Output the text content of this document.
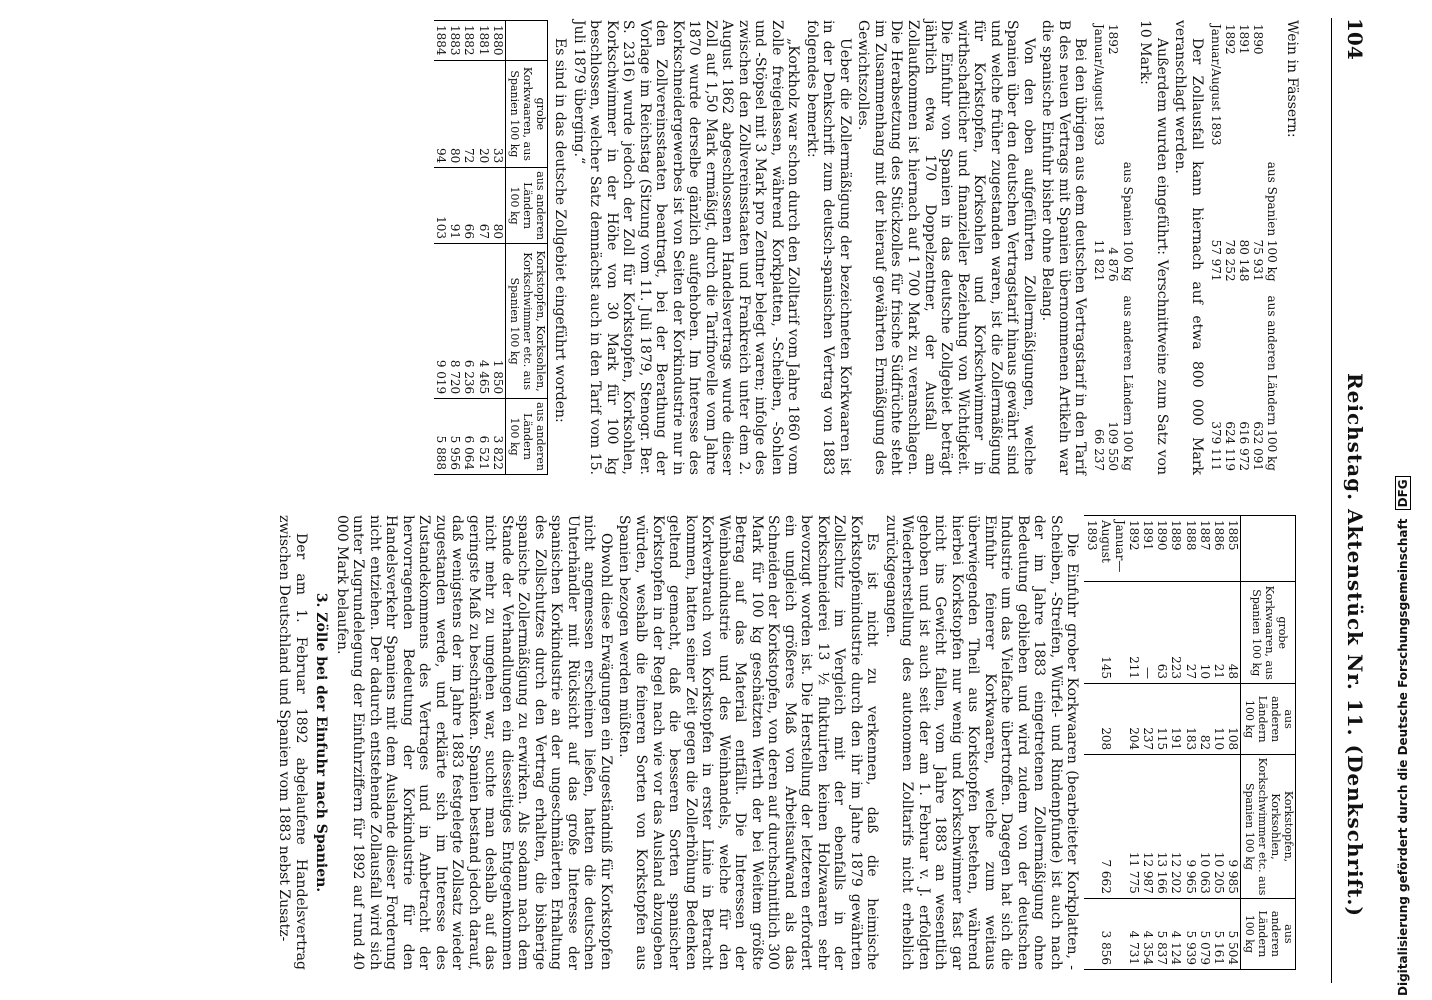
104
Reichstag. Aktenstück Nr. 11. (Denkschrift.)
Wein in Fässern:
	aus Spanien 100 kg	aus anderen Ländern 100 kg
1890	75 931	632 091
1891	80 148	616 972
1892	78 252	624 119
Januar/August 1893	57 971	379 111

Der Zollausfall kann hiernach auf etwa 800 000 Mark veranschlagt werden.

Außerdem wurden eingeführt: Verschnittweine zum Satz von 10 Mark:

	aus Spanien 100 kg	aus anderen Ländern 100 kg
1892	4 876	109 550
Januar/August 1893	11 821	66 237

Bei den übrigen aus dem deutschen Vertragstarif in den Tarif B des neuen Vertrags mit Spanien übernommenen Artikeln war die spanische Einfuhr bisher ohne Belang.

Von den oben aufgeführten Zollermäßigungen, welche Spanien über den deutschen Vertragstarif hinaus gewährt sind und welche früher zugestanden waren, ist die Zollermäßigung für Korkstopfen, Korksohlen und Korkschwimmer in wirthschaftlicher und finanzieller Beziehung von Wichtigkeit. Die Einfuhr von Spanien in das deutsche Zollgebiet beträgt jährlich etwa 170 Doppelzentner, der Ausfall am Zollaufkommen ist hiernach auf 1 700 Mark zu veranschlagen. Die Herabsetzung des Stückzolles für frische Südfrüchte steht im Zusammenhang mit der hierauf gewährten Ermäßigung des Gewichtszolles.

Ueber die Zollermäßigung der bezeichneten Korkwaaren ist in der Denkschrift zum deutsch-spanischen Vertrag von 1883 folgendes bemerkt:

„Korkholz war schon durch den Zolltarif vom Jahre 1860 vom Zolle freigelassen, während Korkplatten, -Scheiben, -Sohlen und -Stöpsel mit 3 Mark pro Zentner belegt waren; infolge des zwischen den Zollvereinsstaaten und Frankreich unter dem 2. August 1862 abgeschlossenen Handelsvertrags wurde dieser Zoll auf 1,50 Mark ermäßigt, durch die Tarifnovelle vom Jahre 1870 wurde derselbe gänzlich aufgehoben. Im Interesse des Korkschneidergewerbes ist von Seiten der Korkindustrie nur in den Zollvereinsstaaten beantragt, bei der Berathung der Vorlage im Reichstag (Sitzung vom 11. Juli 1879, Stenogr. Ber. S. 2316) wurde jedoch der Zoll für Korkstopfen, Korksohlen, Korkschwimmer in der Höhe von 30 Mark für 100 kg beschlossen, welcher Satz demnächst auch in den Tarif vom 15. Juli 1879 überging.“

Es sind in das deutsche Zollgebiet eingeführt worden:

	grobe Korkwaaren, aus Spanien 100 kg	aus anderen Ländern 100 kg	Korkstopfen, Korksohlen, Korkschwimmer etc. aus Spanien 100 kg	aus anderen Ländern 100 kg
1880	33	80	1 850	3 822
1881	20	67	4 465	6 521
1882	72	66	6 236	6 064
1883	80	91	8 720	5 956
1884	94	103	9 019	5 888
	grobe Korkwaaren, aus Spanien 100 kg	aus anderen Ländern 100 kg	Korkstopfen, Korksohlen, Korkschwimmer etc. aus Spanien 100 kg	aus anderen Ländern 100 kg
1885	48	108	9 985	5 504
1886	21	110	10 205	5 161
1887	10	82	10 063	5 079
1888	27	183	9 965	5 939
1889	223	191	12 202	4 124
1890	63	115	13 166	5 837
1891	—	237	12 987	4 354
1892	211	204	11 775	4 731
Januar—August 1893	145	208	7 662	3 856

Die Einfuhr grober Korkwaaren (bearbeiteter Korkplatten, -Scheiben, -Streifen, Würfel- und Rindenpfunde) ist auch nach der im Jahre 1883 eingetretenen Zollermäßigung ohne Bedeutung geblieben und wird zudem von der deutschen Industrie um das Vielfache übertroffen. Dagegen hat sich die Einfuhr feinerer Korkwaaren, welche zum weitaus überwiegenden Theil aus Korkstopfen bestehen, während hierbei Korkstopfen nur wenig und Korkschwimmer fast gar nicht ins Gewicht fallen, vom Jahre 1883 an wesentlich gehoben und ist auch seit der am 1. Februar v. J. erfolgten Wiederherstellung des autonomen Zolltarifs nicht erheblich zurückgegangen.

Es ist nicht zu verkennen, daß die heimische Korkstopfenindustrie durch den ihr im Jahre 1879 gewährten Zollschutz im Vergleich mit der ebenfalls in der Korkschneiderei 13 ½ fluktuirten keinen Holzwaaren sehr bevorzugt worden ist. Die Herstellung der letzteren erfordert ein ungleich größeres Maß von Arbeitsaufwand als das Schneiden der Korkstopfen, von deren auf durchschnittlich 300 Mark für 100 kg geschätzten Werth der bei Weitem größte Betrag auf das Material entfällt. Die Interessen der Weinbauindustrie und des Weinhandels, welche für den Korkverbrauch von Korkstopfen in erster Linie in Betracht kommen, hatten seiner Zeit gegen die Zollerhöhung Bedenken geltend gemacht, daß die besseren Sorten spanischer Korkstopfen in der Regel nach wie vor das Ausland abzugeben würden, weshalb die feineren Sorten von Korkstopfen aus Spanien bezogen werden müßten.

Obwohl diese Erwägungen ein Zugeständniß für Korkstopfen nicht angemessen erscheinen ließen, hatten die deutschen Unterhändler mit Rücksicht auf das große Interesse der spanischen Korkindustrie an der ungeschmälerten Erhaltung des Zollschutzes durch den Vertrag erhalten, die bisherige spanische Zollermäßigung zu erwirken. Als sodann nach dem Stande der Verhandlungen ein diesseitiges Entgegenkommen nicht mehr zu umgehen war, suchte man deshalb auf das geringste Maß zu beschränken. Spanien bestand jedoch darauf, daß wenigstens der im Jahre 1883 festgelegte Zollsatz wieder zugestanden werde, und erklärte sich im Interesse des Zustandekommens des Vertrages und in Anbetracht der hervorragenden Bedeutung der Korkindustrie für den Handelsverkehr Spaniens mit dem Auslande dieser Forderung nicht entziehen. Der dadurch entstehende Zollausfall wird sich unter Zugrundelegung der Einfuhrziffern für 1892 auf rund 40 000 Mark belaufen.

3. Zölle bei der Einfuhr nach Spanien.

Der am 1. Februar 1892 abgelaufene Handelsvertrag zwischen Deutschland und Spanien vom 1883 nebst Zusatz-	Digitalisierung gefördert durch die Deutsche Forschungsgemeinschaft DFG
